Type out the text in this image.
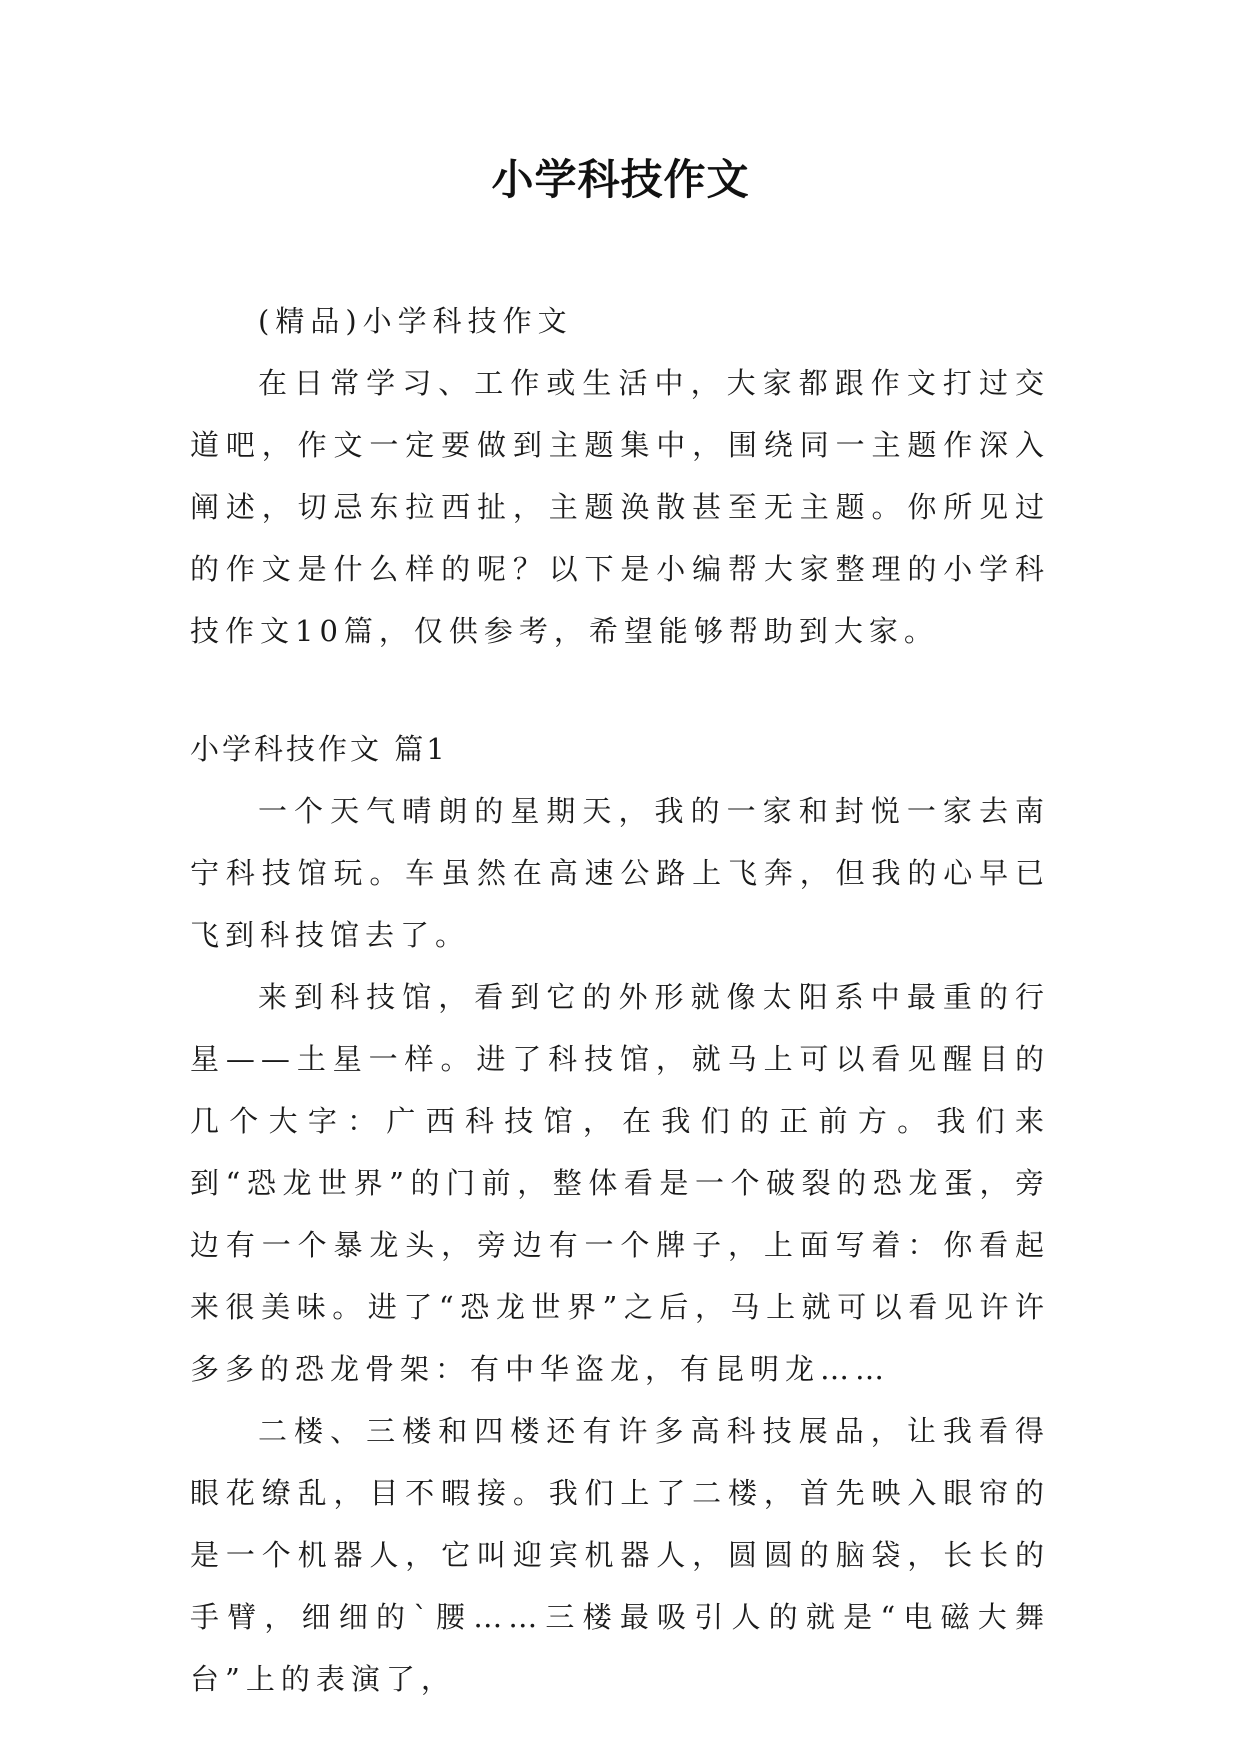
小学科技作文

(精品)小学科技作文

在日常学习、工作或生活中，大家都跟作文打过交道吧，作文一定要做到主题集中，围绕同一主题作深入阐述，切忌东拉西扯，主题涣散甚至无主题。你所见过的作文是什么样的呢？以下是小编帮大家整理的小学科技作文10篇，仅供参考，希望能够帮助到大家。

小学科技作文 篇1

一个天气晴朗的星期天，我的一家和封悦一家去南宁科技馆玩。车虽然在高速公路上飞奔，但我的心早已飞到科技馆去了。

来到科技馆，看到它的外形就像太阳系中最重的行星——土星一样。进了科技馆，就马上可以看见醒目的几个大字：广西科技馆，在我们的正前方。我们来到“恐龙世界”的门前，整体看是一个破裂的恐龙蛋，旁边有一个暴龙头，旁边有一个牌子，上面写着：你看起来很美味。进了“恐龙世界”之后，马上就可以看见许许多多的恐龙骨架：有中华盗龙，有昆明龙……

二楼、三楼和四楼还有许多高科技展品，让我看得眼花缭乱，目不暇接。我们上了二楼，首先映入眼帘的是一个机器人，它叫迎宾机器人，圆圆的脑袋，长长的手臂，细细的`腰……三楼最吸引人的就是“电磁大舞台”上的表演了，
